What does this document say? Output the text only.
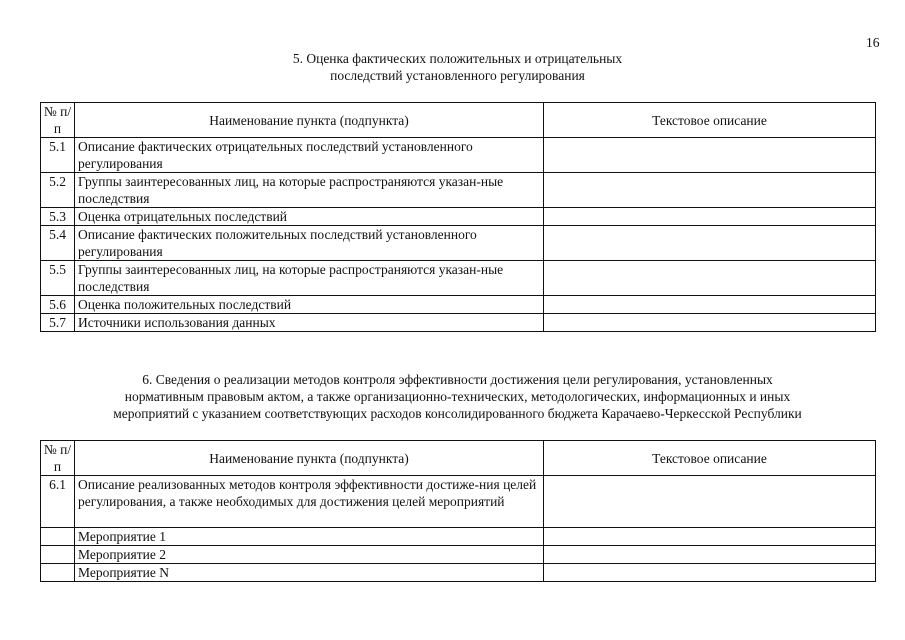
16
5. Оценка фактических положительных и отрицательных
последствий установленного регулирования
№ п/п	Наименование пункта (подпункта)	Текстовое описание
5.1	Описание фактических отрицательных последствий установленного регулирования	
5.2	Группы заинтересованных лиц, на которые распространяются указан-ные последствия	
5.3	Оценка отрицательных последствий	
5.4	Описание фактических положительных последствий установленного регулирования	
5.5	Группы заинтересованных лиц, на которые распространяются указан-ные последствия	
5.6	Оценка положительных последствий	
5.7	Источники использования данных	
6. Сведения о реализации методов контроля эффективности достижения цели регулирования, установленных
нормативным правовым актом, а также организационно-технических, методологических, информационных и иных
мероприятий с указанием соответствующих расходов консолидированного бюджета Карачаево-Черкесской Республики
№ п/п	Наименование пункта (подпункта)	Текстовое описание
6.1	Описание реализованных методов контроля эффективности достиже-ния целей регулирования, а также необходимых для достижения целей мероприятий	
	Мероприятие 1	
	Мероприятие 2	
	Мероприятие N	
